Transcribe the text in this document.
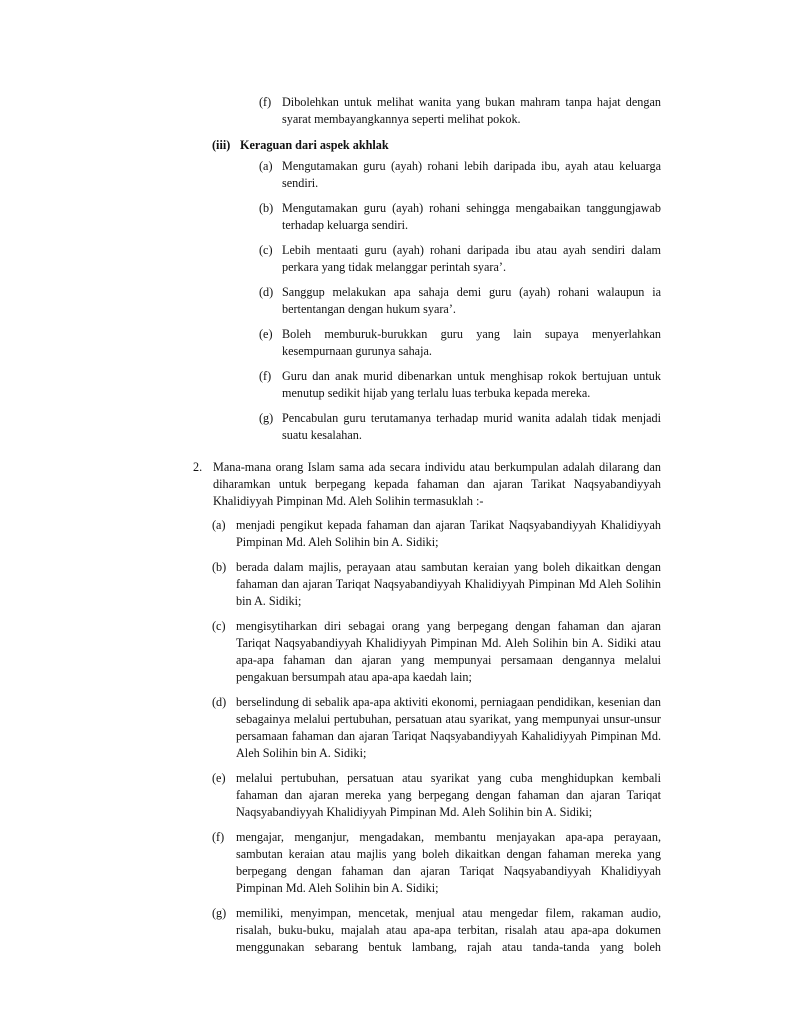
(f) Dibolehkan untuk melihat wanita yang bukan mahram tanpa hajat dengan syarat membayangkannya seperti melihat pokok.
(iii) Keraguan dari aspek akhlak
(a) Mengutamakan guru (ayah) rohani lebih daripada ibu, ayah atau keluarga sendiri.
(b) Mengutamakan guru (ayah) rohani sehingga mengabaikan tanggungjawab terhadap keluarga sendiri.
(c) Lebih mentaati guru (ayah) rohani daripada ibu atau ayah sendiri dalam perkara yang tidak melanggar perintah syara’.
(d) Sanggup melakukan apa sahaja demi guru (ayah) rohani walaupun ia bertentangan dengan hukum syara’.
(e) Boleh memburuk-burukkan guru yang lain supaya menyerlahkan kesempurnaan gurunya sahaja.
(f) Guru dan anak murid dibenarkan untuk menghisap rokok bertujuan untuk menutup sedikit hijab yang terlalu luas terbuka kepada mereka.
(g) Pencabulan guru terutamanya terhadap murid wanita adalah tidak menjadi suatu kesalahan.
2. Mana-mana orang Islam sama ada secara individu atau berkumpulan adalah dilarang dan diharamkan untuk berpegang kepada fahaman dan ajaran Tarikat Naqsyabandiyyah Khalidiyyah Pimpinan Md. Aleh Solihin termasuklah :-
(a) menjadi pengikut kepada fahaman dan ajaran Tarikat Naqsyabandiyyah Khalidiyyah Pimpinan Md. Aleh Solihin bin A. Sidiki;
(b) berada dalam majlis, perayaan atau sambutan keraian yang boleh dikaitkan dengan fahaman dan ajaran Tariqat Naqsyabandiyyah Khalidiyyah Pimpinan Md Aleh Solihin bin A. Sidiki;
(c) mengisytiharkan diri sebagai orang yang berpegang dengan fahaman dan ajaran Tariqat Naqsyabandiyyah Khalidiyyah Pimpinan Md. Aleh Solihin bin A. Sidiki atau apa-apa fahaman dan ajaran yang mempunyai persamaan dengannya melalui pengakuan bersumpah atau apa-apa kaedah lain;
(d) berselindung di sebalik apa-apa aktiviti ekonomi, perniagaan pendidikan, kesenian dan sebagainya melalui pertubuhan, persatuan atau syarikat, yang mempunyai unsur-unsur persamaan fahaman dan ajaran Tariqat Naqsyabandiyyah Kahalidiyyah Pimpinan Md. Aleh Solihin bin A. Sidiki;
(e) melalui pertubuhan, persatuan atau syarikat yang cuba menghidupkan kembali fahaman dan ajaran mereka yang berpegang dengan fahaman dan ajaran Tariqat Naqsyabandiyyah Khalidiyyah Pimpinan Md. Aleh Solihin bin A. Sidiki;
(f) mengajar, menganjur, mengadakan, membantu menjayakan apa-apa perayaan, sambutan keraian atau majlis yang boleh dikaitkan dengan fahaman mereka yang berpegang dengan fahaman dan ajaran Tariqat Naqsyabandiyyah Khalidiyyah Pimpinan Md. Aleh Solihin bin A. Sidiki;
(g) memiliki, menyimpan, mencetak, menjual atau mengedar filem, rakaman audio, risalah, buku-buku, majalah atau apa-apa terbitan, risalah atau apa-apa dokumen menggunakan sebarang bentuk lambang, rajah atau tanda-tanda yang boleh
